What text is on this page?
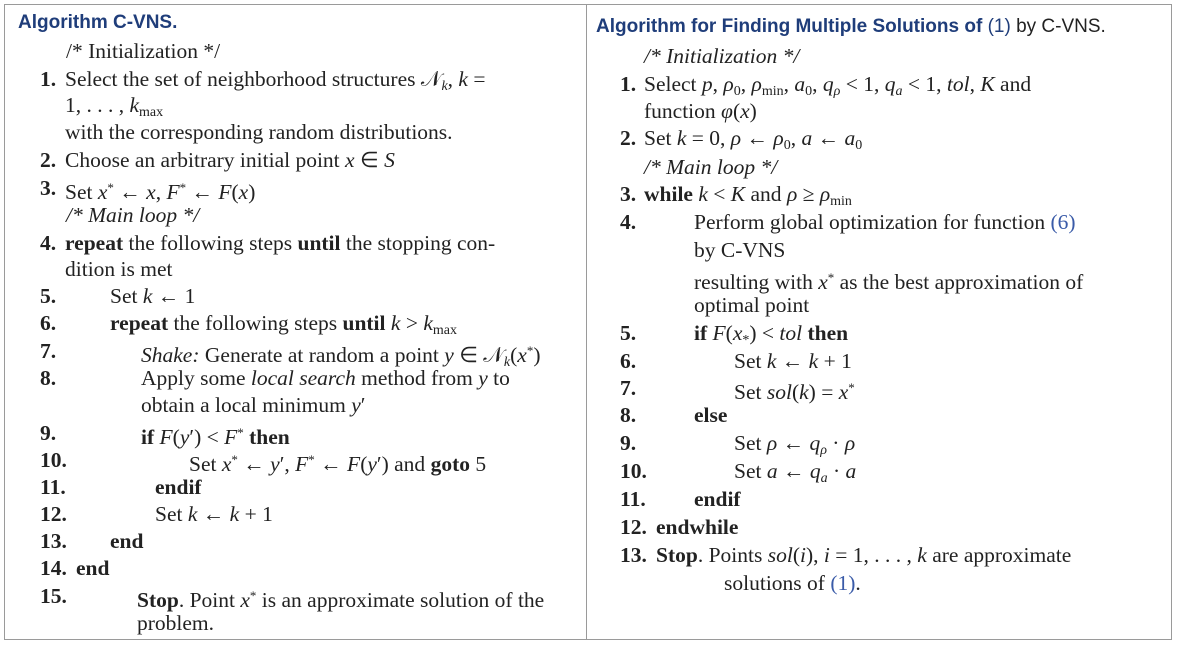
Algorithm C-VNS.
/* Initialization */
1. Select the set of neighborhood structures 𝒩$_k$, k =
1, . . . , $k_{max}$
with the corresponding random distributions.
2. Choose an arbitrary initial point x ∈ S
3. Set x* ← x, F* ← F(x)
/* Main loop */
4. repeat the following steps until the stopping con-
dition is met
5.	Set k ← 1
6.	repeat the following steps until $k > k_{max}$
7.	Shake: Generate at random a point y ∈ 𝒩$_k$(x*)
8.	Apply some local search method from y to
obtain a local minimum y′
9.	if F(y′) < F* then
10.	Set x* ← y′, F* ← F(y′) and goto 5
11.	endif
12.	Set k ← k + 1
13. end
14. end
15.	Stop. Point x* is an approximate solution of the
problem.
Algorithm for Finding Multiple Solutions of (1) by C-VNS.
/* Initialization */
1. Select p, $\rho_0$, $\rho_{min}$, $a_0$, $q_\rho < 1$, $q_a < 1$, tol, K and
function φ(x)
2. Set k = 0, ρ ← $\rho_0$, a ← $a_0$
/* Main loop */
3. while k < K and $\rho \ge \rho_{min}$
4.	Perform global optimization for function (6)
by C-VNS
resulting with x* as the best approximation of
optimal point
5.	if $F(x_*)$ < tol then
6.	Set k ← k + 1
7.	Set sol(k) = x*
8.	else
9.	Set ρ ← $q_\rho \cdot \rho$
10.	Set a ← $q_a \cdot a$
11. endif
12. endwhile
13. Stop. Points sol(i), i = 1, . . . , k are approximate
solutions of (1).
